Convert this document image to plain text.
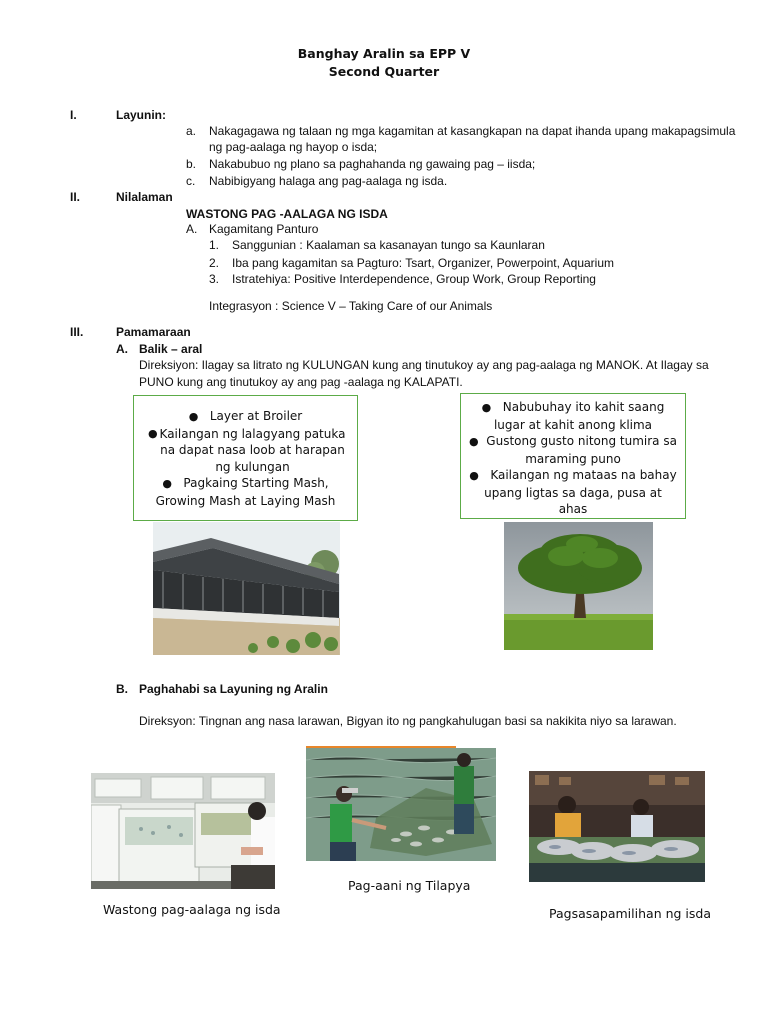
Banghay Aralin sa EPP V
Second Quarter
I.	Layunin:
a. Nakagagawa ng talaan ng mga kagamitan at kasangkapan na dapat ihanda upang makapagsimula
ng pag-aalaga ng hayop o isda;
b. Nakabubuo ng plano sa paghahanda ng gawaing pag – iisda;
c. Nabibigyang halaga ang pag-aalaga ng isda.
II.	Nilalaman
WASTONG PAG -AALAGA NG ISDA
A. Kagamitang Panturo
1. Sanggunian : Kaalaman sa kasanayan tungo sa Kaunlaran
2. Iba pang kagamitan sa Pagturo: Tsart, Organizer, Powerpoint, Aquarium
3. Istratehiya: Positive Interdependence, Group Work, Group Reporting
Integrasyon : Science V – Taking Care of our Animals
III.	Pamamaraan
A. Balik – aral
Direksiyon: Ilagay sa litrato ng KULUNGAN kung ang tinutukoy ay ang pag-aalaga ng MANOK. At Ilagay sa
PUNO kung ang tinutukoy ay ang pag -aalaga ng KALAPATI.
● Layer at Broiler
● Kailangan ng lalagyang patuka
na dapat nasa loob at harapan
ng kulungan
● Pagkaing Starting Mash,
Growing Mash at Laying Mash
● Nabubuhay ito kahit saang
lugar at kahit anong klima
● Gustong gusto nitong tumira sa
maraming puno
● Kailangan ng mataas na bahay
upang ligtas sa daga, pusa at
ahas
B. Paghahabi sa Layuning ng Aralin
Direksyon: Tingnan ang nasa larawan, Bigyan ito ng pangkahulugan basi sa nakikita niyo sa larawan.
Wastong pag-aalaga ng isda
Pag-aani ng Tilapya
Pagsasapamilihan ng isda
